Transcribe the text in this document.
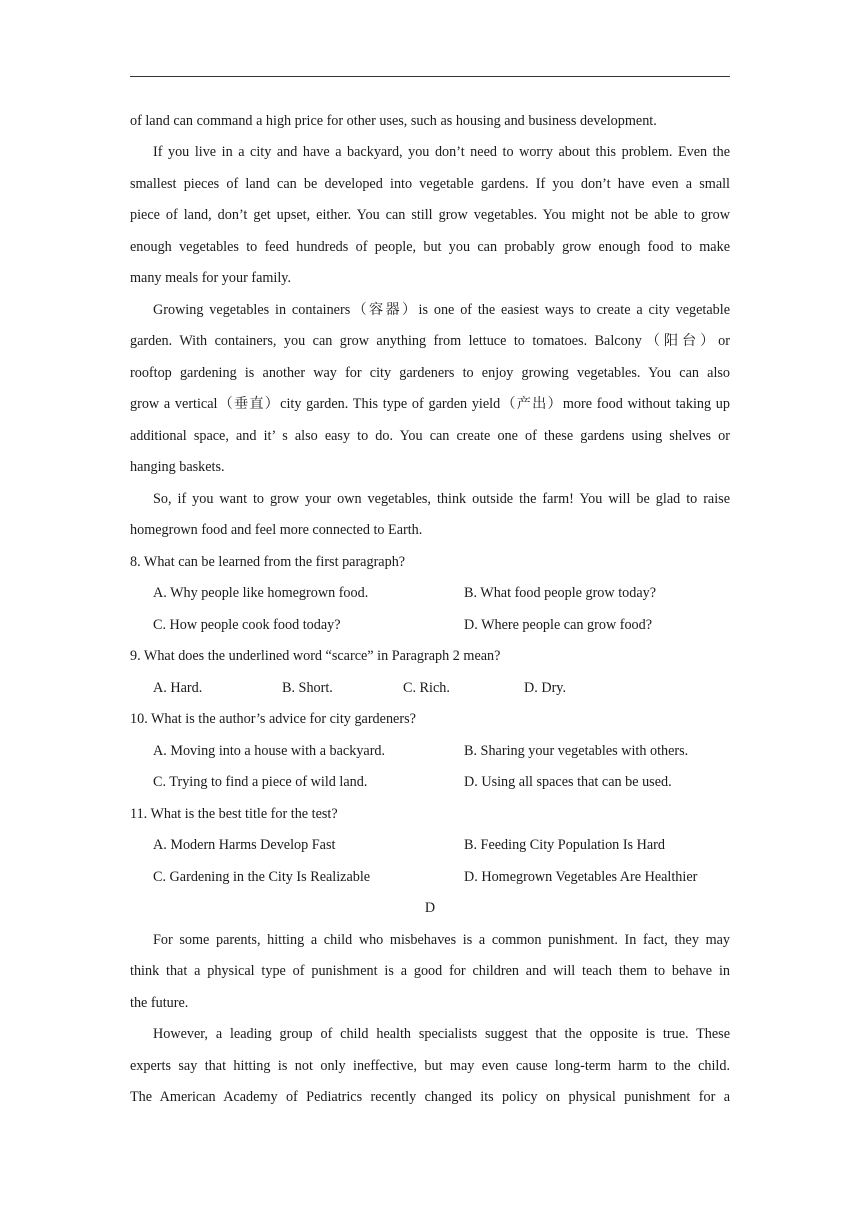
of land can command a high price for other uses, such as housing and business development.
If you live in a city and have a backyard, you don’t need to worry about this problem. Even the
smallest pieces of land can be developed into vegetable gardens. If you don’t have even a small
piece of land, don’t get upset, either. You can still grow vegetables. You might not be able to grow
enough vegetables to feed hundreds of people, but you can probably grow enough food to make
many meals for your family.
Growing vegetables in containers（容器）is one of the easiest ways to create a city vegetable
garden. With containers, you can grow anything from lettuce to tomatoes. Balcony（阳台）or
rooftop gardening is another way for city gardeners to enjoy growing vegetables. You can also
grow a vertical（垂直）city garden. This type of garden yield（产出）more food without taking up
additional space, and it’ s also easy to do. You can create one of these gardens using shelves or
hanging baskets.
So, if you want to grow your own vegetables, think outside the farm! You will be glad to raise
homegrown food and feel more connected to Earth.
8. What can be learned from the first paragraph?
A. Why people like homegrown food.	B. What food people grow today?
C. How people cook food today?	D. Where people can grow food?
9. What does the underlined word “scarce” in Paragraph 2 mean?
A. Hard.	B. Short.	C. Rich.	D. Dry.
10. What is the author’s advice for city gardeners?
A. Moving into a house with a backyard.	B. Sharing your vegetables with others.
C. Trying to find a piece of wild land.	D. Using all spaces that can be used.
11. What is the best title for the test?
A. Modern Harms Develop Fast	B. Feeding City Population Is Hard
C. Gardening in the City Is Realizable	D. Homegrown Vegetables Are Healthier
D
For some parents, hitting a child who misbehaves is a common punishment. In fact, they may
think that a physical type of punishment is a good for children and will teach them to behave in
the future.
However, a leading group of child health specialists suggest that the opposite is true. These
experts say that hitting is not only ineffective, but may even cause long-term harm to the child.
The American Academy of Pediatrics recently changed its policy on physical punishment for a
